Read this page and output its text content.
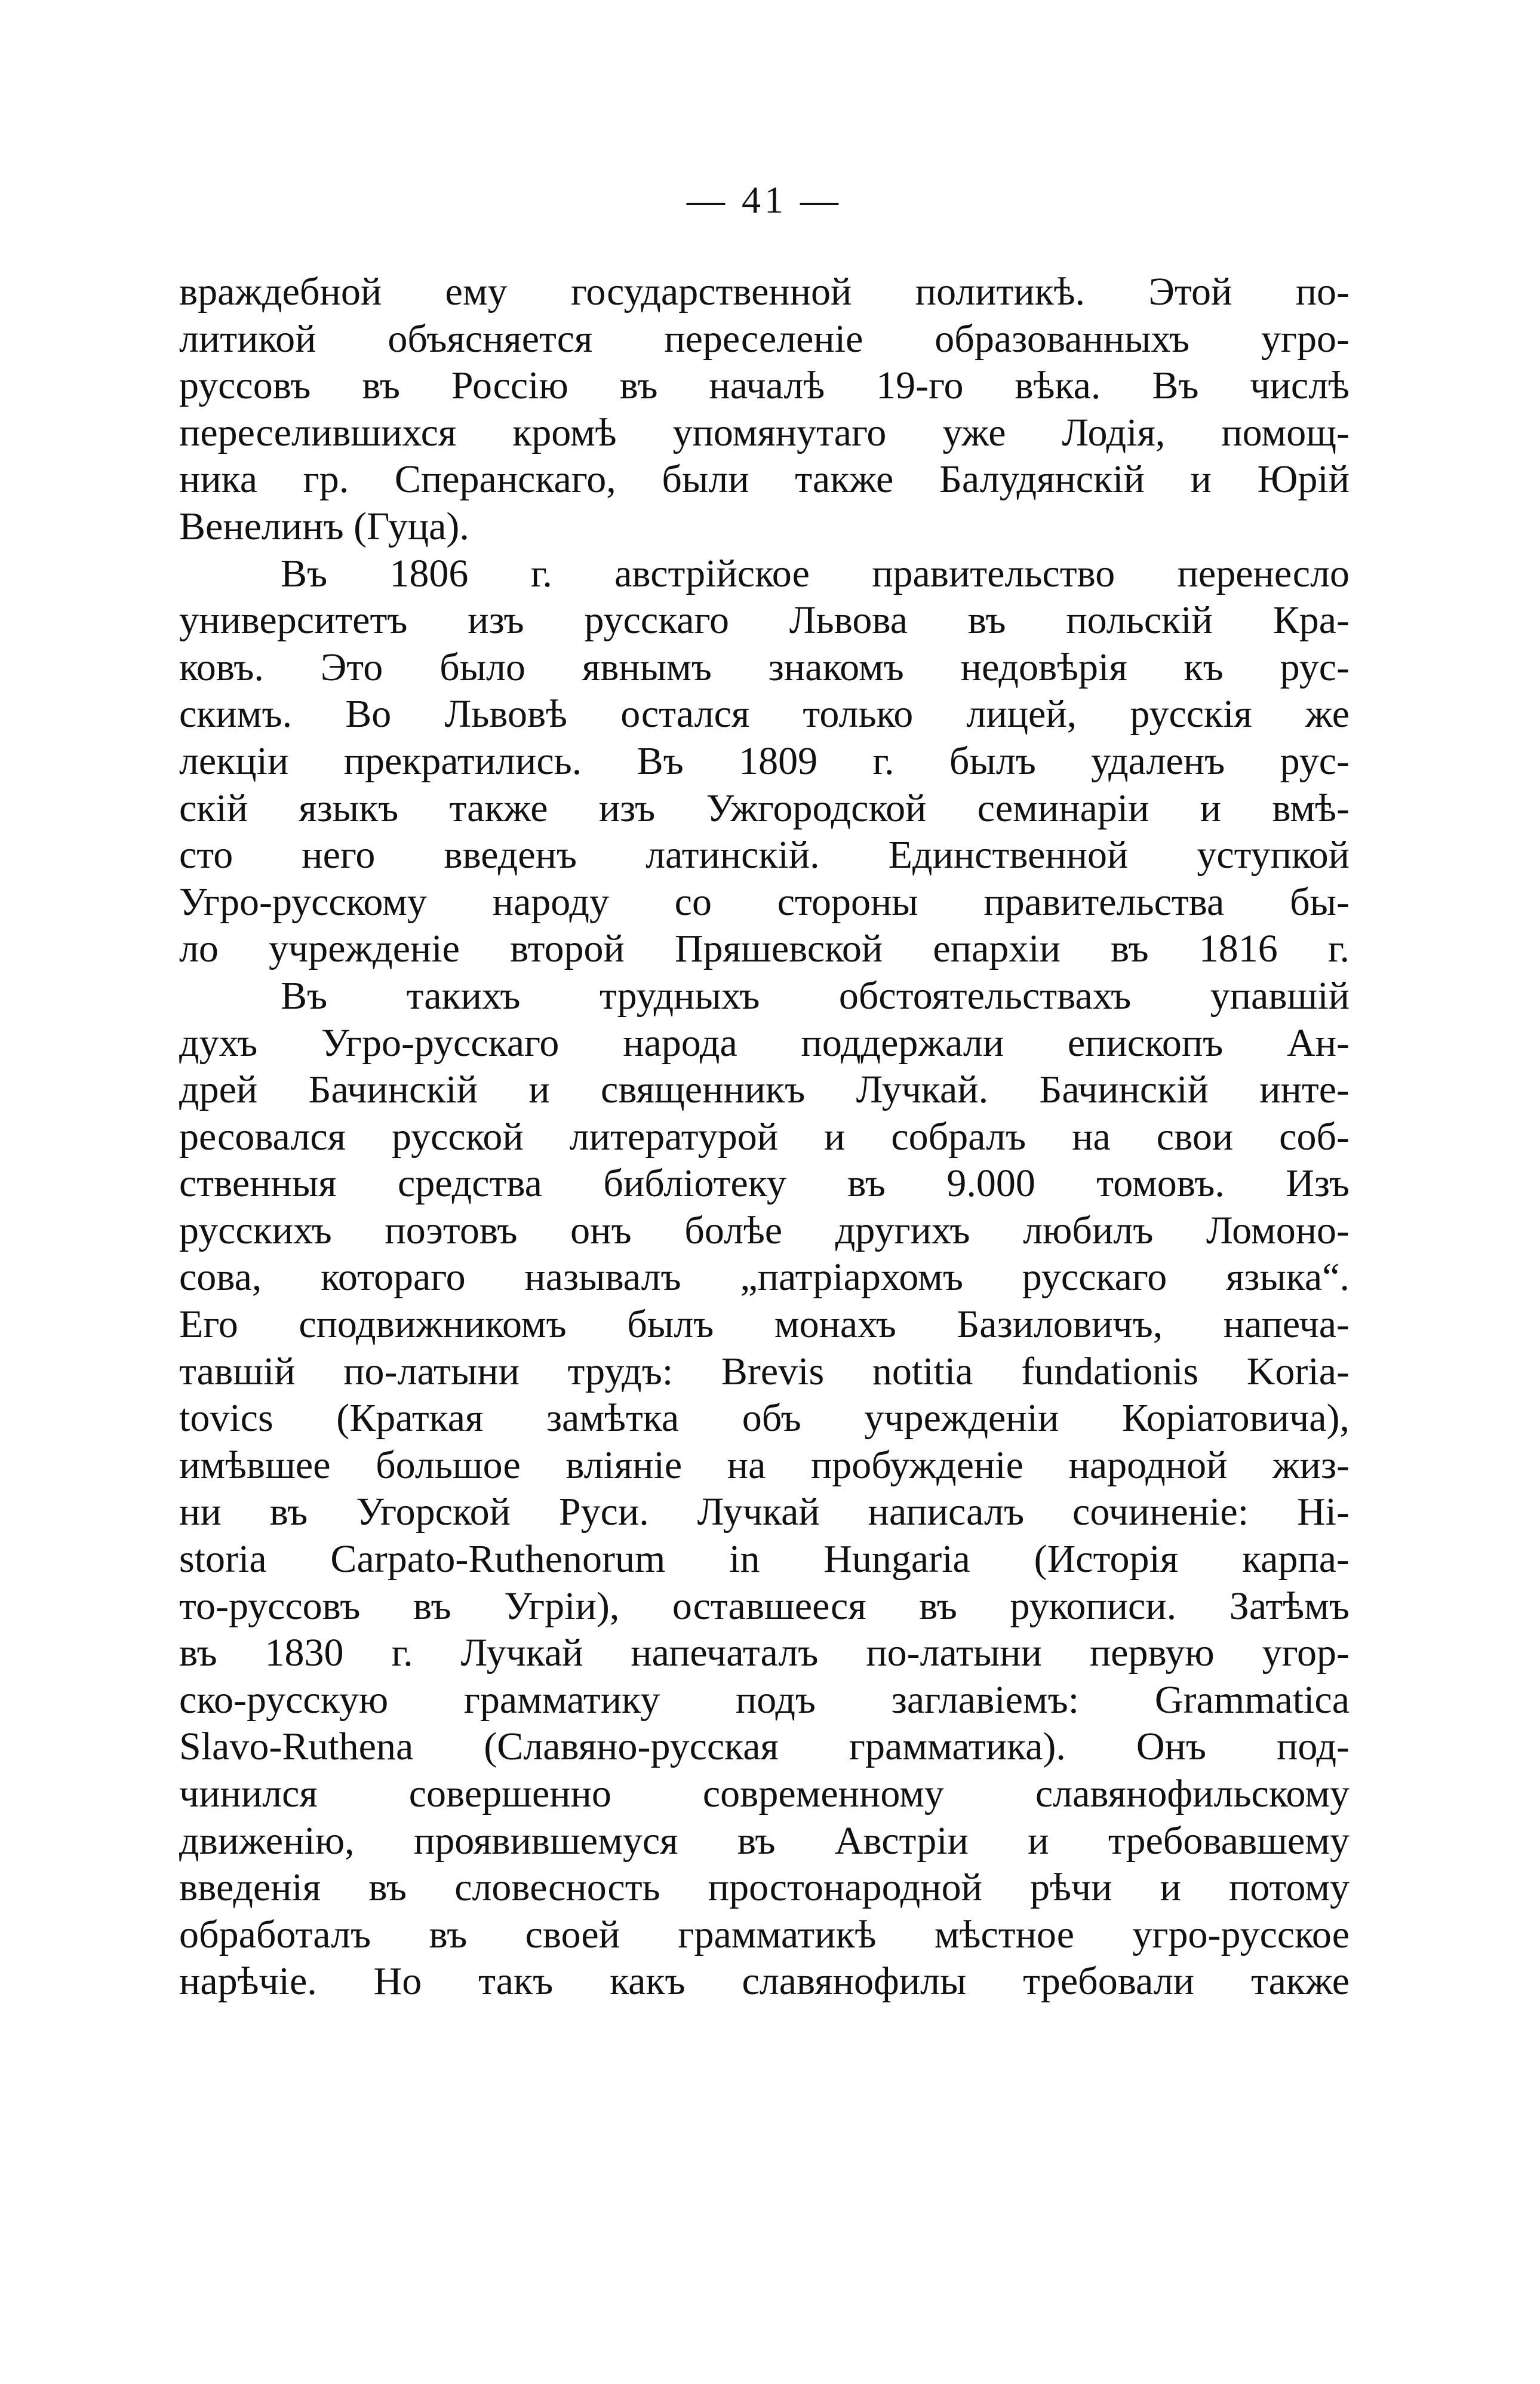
— 41 —
враждебной ему государственной политикѣ. Этой по-
литикой объясняется переселеніе образованныхъ угро-
руссовъ въ Россію въ началѣ 19-го вѣка. Въ числѣ
переселившихся кромѣ упомянутаго уже Лодія, помощ-
ника гр. Сперанскаго, были также Балудянскій и Юрій
Венелинъ (Гуца).
Въ 1806 г. австрійское правительство перенесло
университетъ изъ русскаго Львова въ польскій Кра-
ковъ. Это было явнымъ знакомъ недовѣрія къ рус-
скимъ. Во Львовѣ остался только лицей, русскія же
лекціи прекратились. Въ 1809 г. былъ удаленъ рус-
скій языкъ также изъ Ужгородской семинаріи и вмѣ-
сто него введенъ латинскій. Единственной уступкой
Угро-русскому народу со стороны правительства бы-
ло учрежденіе второй Пряшевской епархіи въ 1816 г.
Въ такихъ трудныхъ обстоятельствахъ упавшій
духъ Угро-русскаго народа поддержали епископъ Ан-
дрей Бачинскій и священникъ Лучкай. Бачинскій инте-
ресовался русской литературой и собралъ на свои соб-
ственныя средства библіотеку въ 9.000 томовъ. Изъ
русскихъ поэтовъ онъ болѣе другихъ любилъ Ломоно-
сова, котораго называлъ „патріархомъ русскаго языка“.
Его сподвижникомъ былъ монахъ Базиловичъ, напеча-
тавшій по-латыни трудъ: Brevis notitia fundationis Koria-
tovics (Краткая замѣтка объ учрежденіи Коріатовича),
имѣвшее большое вліяніе на пробужденіе народной жиз-
ни въ Угорской Руси. Лучкай написалъ сочиненіе: Hi-
storia Carpato-Ruthenorum in Hungaria (Исторія карпа-
то-руссовъ въ Угріи), оставшееся въ рукописи. Затѣмъ
въ 1830 г. Лучкай напечаталъ по-латыни первую угор-
ско-русскую грамматику подъ заглавіемъ: Grammatica
Slavo-Ruthena (Славяно-русская грамматика). Онъ под-
чинился совершенно современному славянофильскому
движенію, проявившемуся въ Австріи и требовавшему
введенія въ словесность простонародной рѣчи и потому
обработалъ въ своей грамматикѣ мѣстное угро-русское
нарѣчіе. Но такъ какъ славянофилы требовали также
